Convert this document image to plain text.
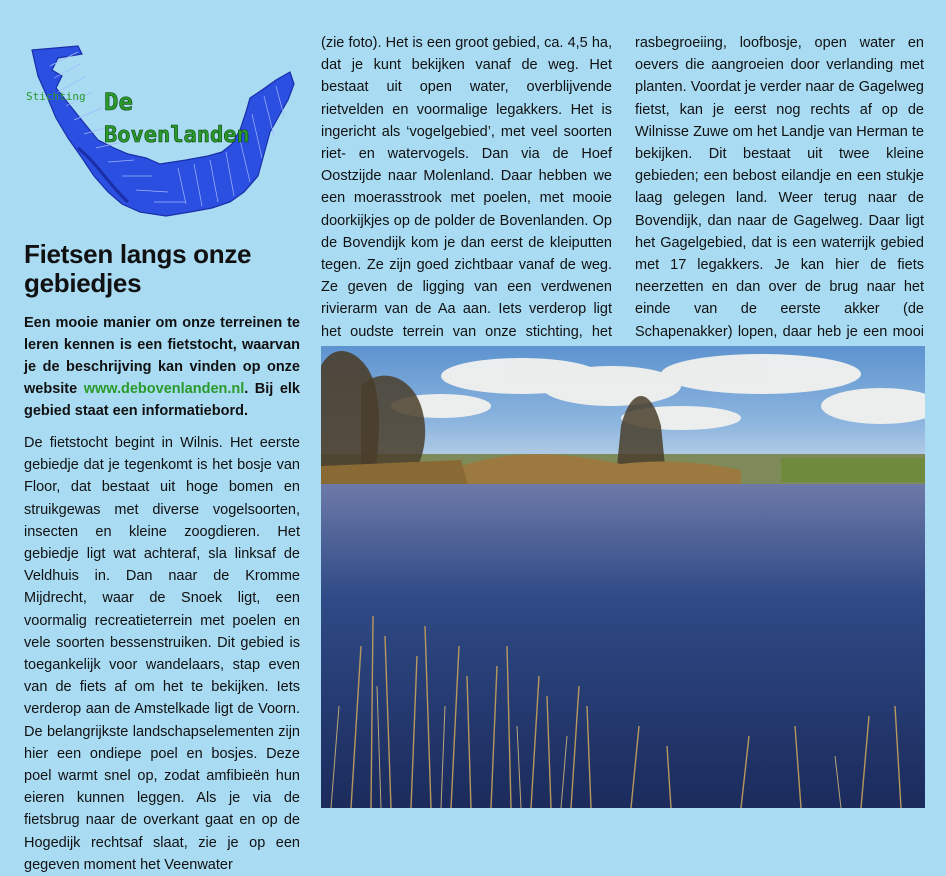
Stichting De
Bovenlanden
Fietsen langs onze gebiedjes

Een mooie manier om onze terreinen te leren kennen is een fietstocht, waarvan je de beschrijving kan vinden op onze website www.debovenlanden.nl. Bij elk gebied staat een informatiebord.

De fietstocht begint in Wilnis. Het eerste gebiedje dat je tegenkomt is het bosje van Floor, dat bestaat uit hoge bomen en struikgewas met diverse vogelsoorten, insecten en kleine zoogdieren. Het gebiedje ligt wat achteraf, sla linksaf de Veldhuis in. Dan naar de Kromme Mijdrecht, waar de Snoek ligt, een voormalig recreatieterrein met poelen en vele soorten bessenstruiken. Dit gebied is toegankelijk voor wandelaars, stap even van de fiets af om het te bekijken. Iets verderop aan de Amstelkade ligt de Voorn. De belangrijkste landschapselementen zijn hier een ondiepe poel en bosjes. Deze poel warmt snel op, zodat amfibieën hun eieren kunnen leggen. Als je via de fietsbrug naar de overkant gaat en op de Hogedijk rechtsaf slaat, zie je op een gegeven moment het Veenwater

(zie foto). Het is een groot gebied, ca. 4,5 ha, dat je kunt bekijken vanaf de weg. Het bestaat uit open water, overblijvende rietvelden en voormalige legakkers. Het is ingericht als ‘vogelgebied’, met veel soorten riet- en watervogels. Dan via de Hoef Oostzijde naar Molenland. Daar hebben we een moerasstrook met poelen, met mooie doorkijkjes op de polder de Bovenlanden. Op de Bovendijk kom je dan eerst de kleiputten tegen. Ze zijn goed zichtbaar vanaf de weg. Ze geven de ligging van een verdwenen rivierarm van de Aa aan. Iets verderop ligt het oudste terrein van onze stichting, het

rasbegroeiing, loofbosje, open water en oevers die aangroeien door verlanding met planten. Voordat je verder naar de Gagelweg fietst, kan je eerst nog rechts af op de Wilnisse Zuwe om het Landje van Herman te bekijken. Dit bestaat uit twee kleine gebieden; een bebost eilandje en een stukje laag gelegen land. Weer terug naar de Bovendijk, dan naar de Gagelweg. Daar ligt het Gagelgebied, dat is een waterrijk gebied met 17 legakkers. Je kan hier de fiets neerzetten en dan over de brug naar het einde van de eerste akker (de Schapenakker) lopen, daar heb je een mooi
